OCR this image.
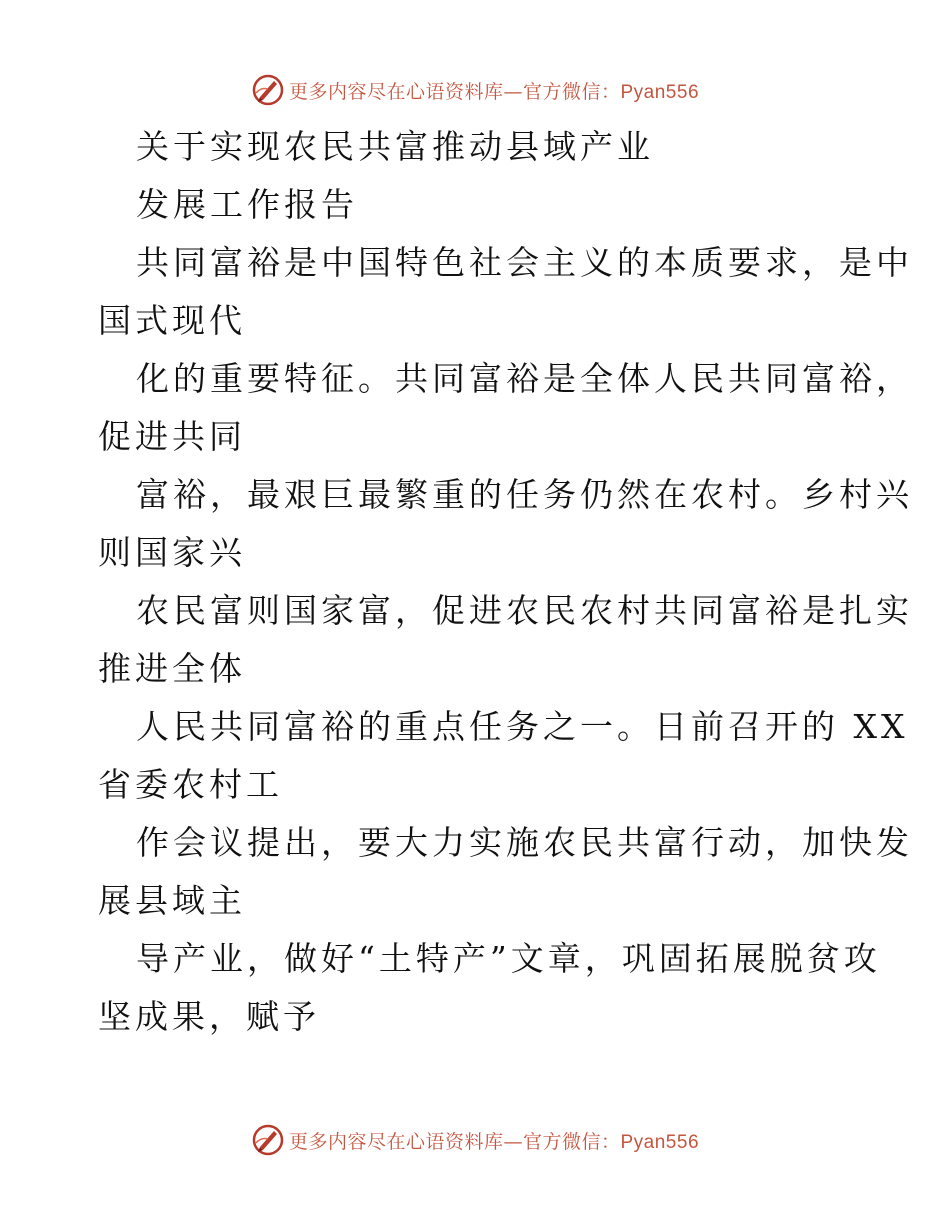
更多内容尽在心语资料库—官方微信：Pyan556
关于实现农民共富推动县域产业
发展工作报告
共同富裕是中国特色社会主义的本质要求，是中
国式现代
化的重要特征。共同富裕是全体人民共同富裕，
促进共同
富裕，最艰巨最繁重的任务仍然在农村。乡村兴
则国家兴
农民富则国家富，促进农民农村共同富裕是扎实
推进全体
人民共同富裕的重点任务之一。日前召开的 XX
省委农村工
作会议提出，要大力实施农民共富行动，加快发
展县域主
导产业，做好“土特产”文章，巩固拓展脱贫攻
坚成果，赋予
更多内容尽在心语资料库—官方微信：Pyan556
